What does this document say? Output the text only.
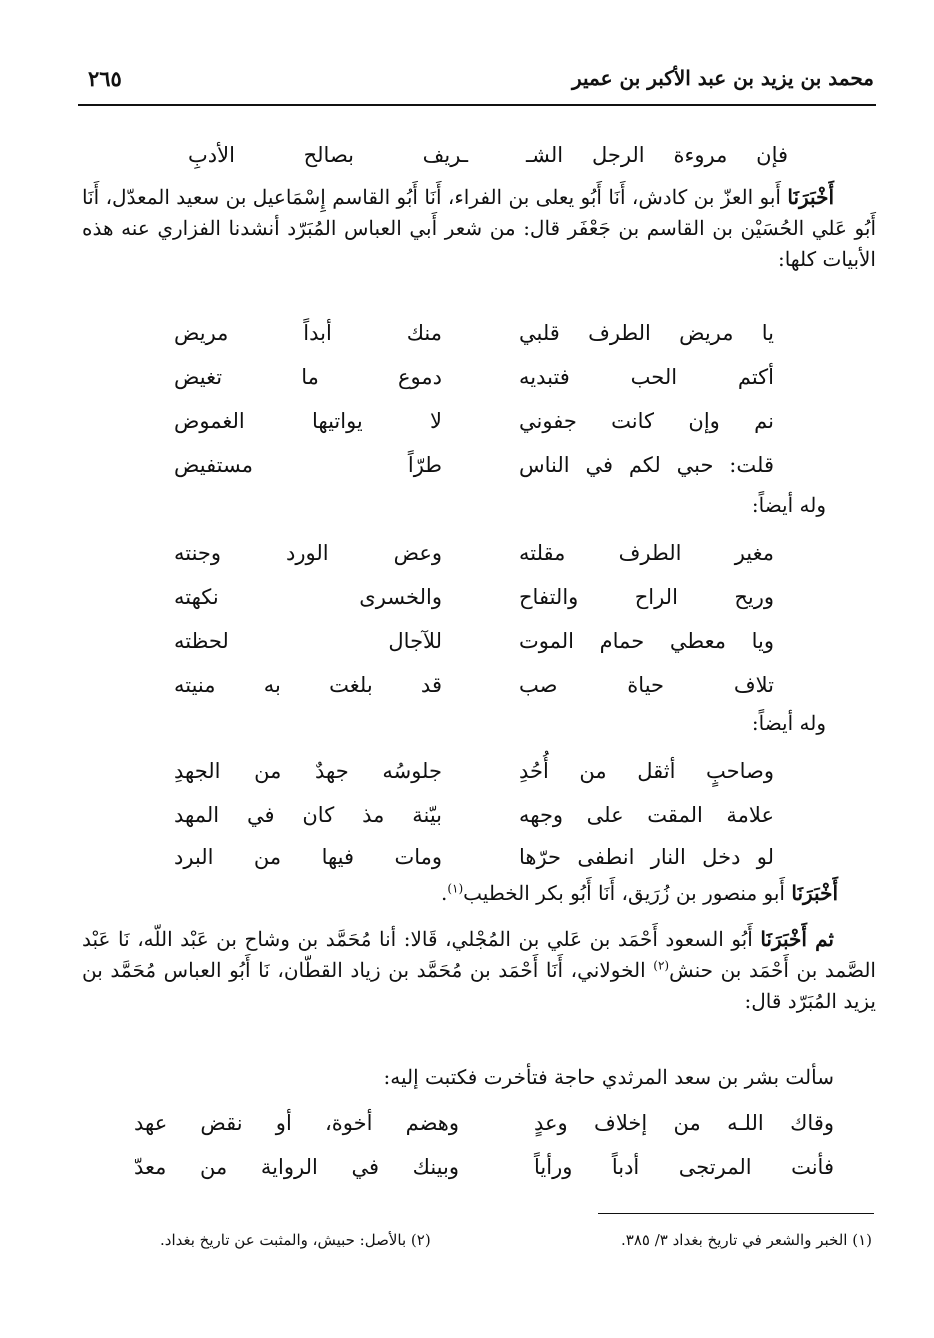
محمد بن يزيد بن عبد الأكبر بن عمير
٢٦٥
فإن مروءة الرجل الشـ
ـريف بصالح الأدبِ
أَخْبَرَنَا أَبو العزّ بن كادش، أَنَا أَبُو يعلى بن الفراء، أَنَا أَبُو القاسم إِسْمَاعيل بن سعيد المعدّل، أَنَا أَبُو عَلي الحُسَيْن بن القاسم بن جَعْفَر قال: من شعر أَبي العباس المُبَرّد أنشدنا الفزاري عنه هذه الأبيات كلها:
يا مريض الطرف قلبي
منك أبداً مريض
أكتم الحب فتبديه
دموع ما تغيض
نم وإن كانت جفوني
لا يواتيها الغموض
قلت: حبي لكم في الناس
طرّاً مستفيض
وله أيضاً:
مغير الطرف مقلته
وعض الورد وجنته
وريح الراح والتفاح
والخسرى نكهته
ويا معطي حمام الموت
للآجال لحظته
تلاف حياة صب
قد بلغت به منيته
وله أيضاً:
وصاحبٍ أثقل من أُحُدِ
جلوسُه جهدٌ من الجهدِ
علامة المقت على وجهه
بيّنة مذ كان في المهد
لو دخل النار انطفى حرّها
ومات فيها من البرد
أَخْبَرَنَا أَبو منصور بن زُرَيق، أَنَا أَبُو بكر الخطيب$^{(١)}$.
ثم أَخْبَرَنَا أَبُو السعود أَحْمَد بن عَلي بن المُجْلي، قَالا: أنا مُحَمَّد بن وشاح بن عَبْد اللّه، نَا عَبْد الصَّمد بن أَحْمَد بن حنش$^{(٢)}$ الخولاني، أَنَا أَحْمَد بن مُحَمَّد بن زياد القطّان، نَا أَبُو العباس مُحَمَّد بن يزيد المُبَرّد قال:
سألت بشر بن سعد المرثدي حاجة فتأخرت فكتبت إليه:
وقاك اللـه من إخلاف وعدٍ
وهضم أخوة، أو نقض عهد
فأنت المرتجى أدباً ورأياً
وبينك في الرواية من معدّ
(١) الخبر والشعر في تاريخ بغداد ٣/ ٣٨٥.
(٢) بالأصل: حبيش، والمثبت عن تاريخ بغداد.
